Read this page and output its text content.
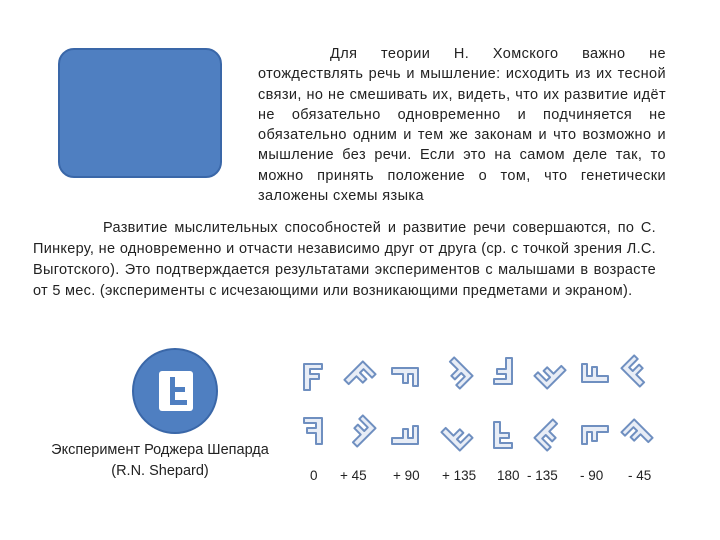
Для теории Н. Хомского важно не отождествлять речь и мышление: исходить из их тесной связи, но не смешивать их, видеть, что их развитие идёт не обязательно одновременно и подчиняется не обязательно одним и тем же законам и что возможно и мышление без речи. Если это на самом деле так, то можно принять положение о том, что генетически заложены схемы языка

Развитие мыслительных способностей и развитие речи совершаются, по С. Пинкеру, не одновременно и отчасти независимо друг от друга (ср. с точкой зрения Л.С. Выготского). Это подтверждается результатами экспериментов с малышами в возрасте от 5 мес. (эксперименты с исчезающими или возникающими предметами и экраном).

Эксперимент Роджера Шепарда
(R.N. Shepard)	0 + 45 + 90 + 135 180 - 135 - 90 - 45
